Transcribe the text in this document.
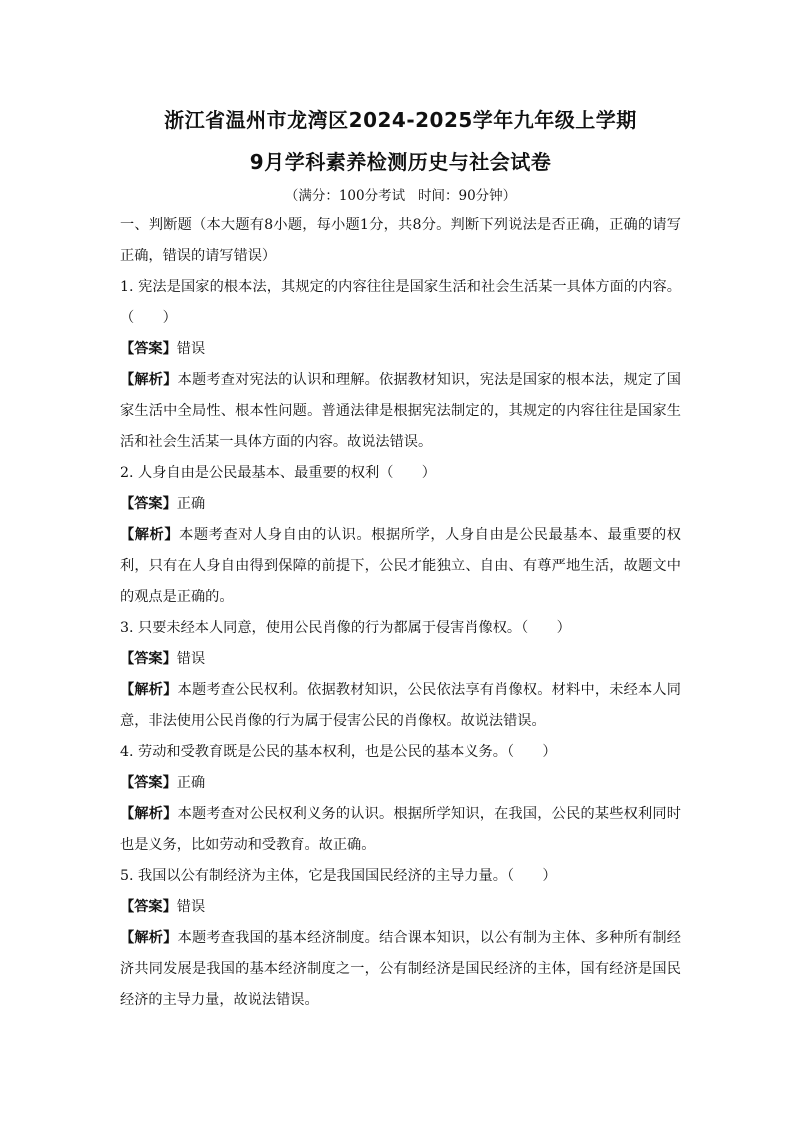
浙江省温州市龙湾区2024-2025学年九年级上学期
9月学科素养检测历史与社会试卷
（满分：100分考试 时间：90分钟）

一、判断题（本大题有8小题，每小题1分，共8分。判断下列说法是否正确，正确的请写正确，错误的请写错误）

1. 宪法是国家的根本法，其规定的内容往往是国家生活和社会生活某一具体方面的内容。（　　）

【答案】错误

【解析】本题考查对宪法的认识和理解。依据教材知识，宪法是国家的根本法，规定了国家生活中全局性、根本性问题。普通法律是根据宪法制定的，其规定的内容往往是国家生活和社会生活某一具体方面的内容。故说法错误。

2. 人身自由是公民最基本、最重要的权利（　　）

【答案】正确

【解析】本题考查对人身自由的认识。根据所学，人身自由是公民最基本、最重要的权利，只有在人身自由得到保障的前提下，公民才能独立、自由、有尊严地生活，故题文中的观点是正确的。

3. 只要未经本人同意，使用公民肖像的行为都属于侵害肖像权。（　　）

【答案】错误

【解析】本题考查公民权利。依据教材知识，公民依法享有肖像权。材料中，未经本人同意，非法使用公民肖像的行为属于侵害公民的肖像权。故说法错误。

4. 劳动和受教育既是公民的基本权利，也是公民的基本义务。（　　）

【答案】正确

【解析】本题考查对公民权利义务的认识。根据所学知识，在我国，公民的某些权利同时也是义务，比如劳动和受教育。故正确。

5. 我国以公有制经济为主体，它是我国国民经济的主导力量。（　　）

【答案】错误

【解析】本题考查我国的基本经济制度。结合课本知识，以公有制为主体、多种所有制经济共同发展是我国的基本经济制度之一，公有制经济是国民经济的主体，国有经济是国民经济的主导力量，故说法错误。
